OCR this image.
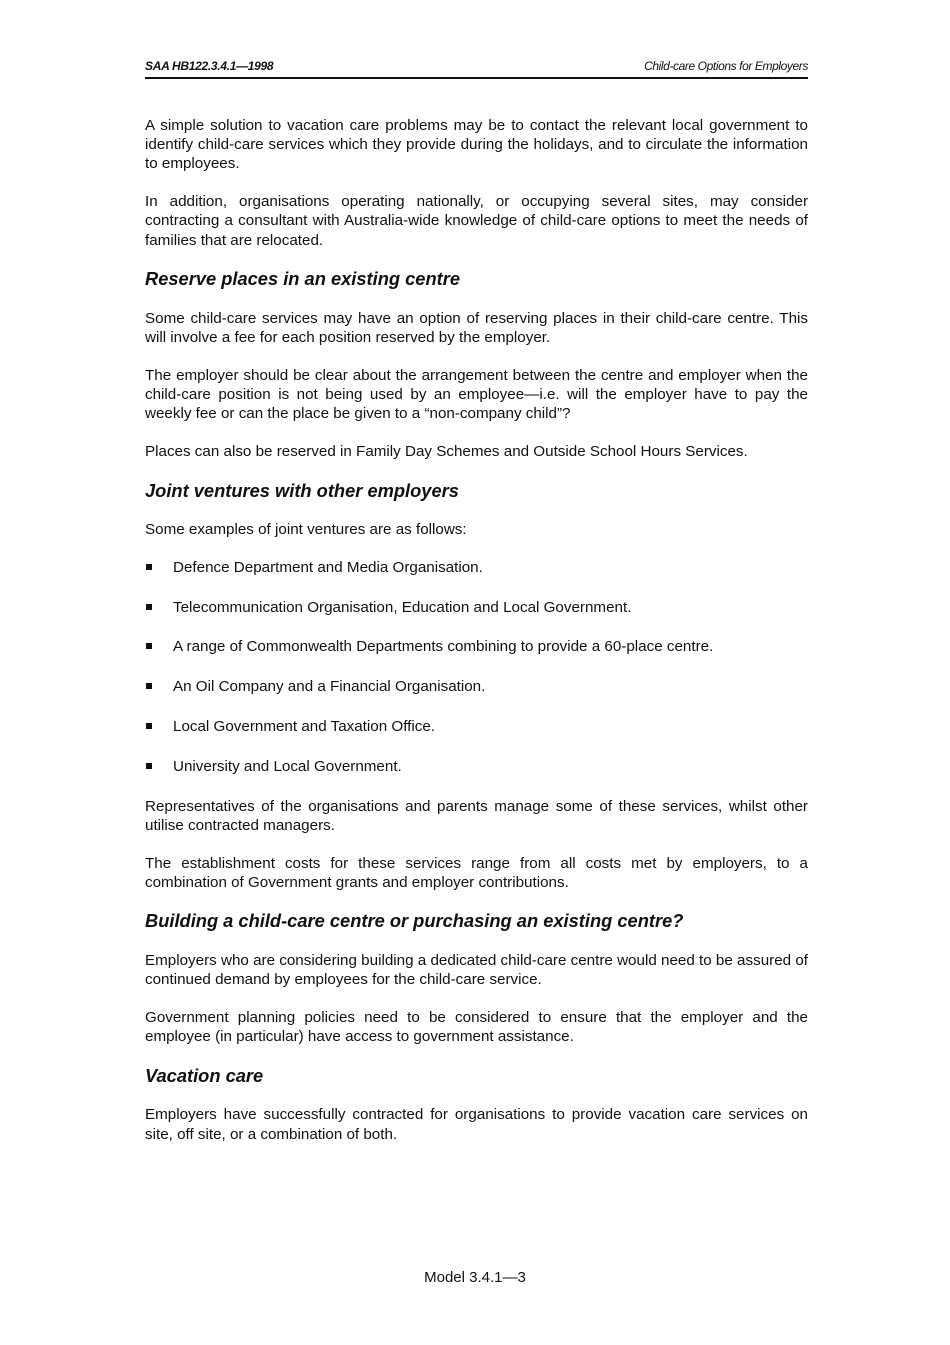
SAA HB122.3.4.1—1998	Child-care Options for Employers

A simple solution to vacation care problems may be to contact the relevant local government to identify child-care services which they provide during the holidays, and to circulate the information to employees.

In addition, organisations operating nationally, or occupying several sites, may consider contracting a consultant with Australia-wide knowledge of child-care options to meet the needs of families that are relocated.

Reserve places in an existing centre

Some child-care services may have an option of reserving places in their child-care centre. This will involve a fee for each position reserved by the employer.

The employer should be clear about the arrangement between the centre and employer when the child-care position is not being used by an employee—i.e. will the employer have to pay the weekly fee or can the place be given to a “non-company child”?

Places can also be reserved in Family Day Schemes and Outside School Hours Services.

Joint ventures with other employers

Some examples of joint ventures are as follows:

Defence Department and Media Organisation.
Telecommunication Organisation, Education and Local Government.
A range of Commonwealth Departments combining to provide a 60-place centre.
An Oil Company and a Financial Organisation.
Local Government and Taxation Office.
University and Local Government.

Representatives of the organisations and parents manage some of these services, whilst other utilise contracted managers.

The establishment costs for these services range from all costs met by employers, to a combination of Government grants and employer contributions.

Building a child-care centre or purchasing an existing centre?

Employers who are considering building a dedicated child-care centre would need to be assured of continued demand by employees for the child-care service.

Government planning policies need to be considered to ensure that the employer and the employee (in particular) have access to government assistance.

Vacation care

Employers have successfully contracted for organisations to provide vacation care services on site, off site, or a combination of both.

Model 3.4.1—3
